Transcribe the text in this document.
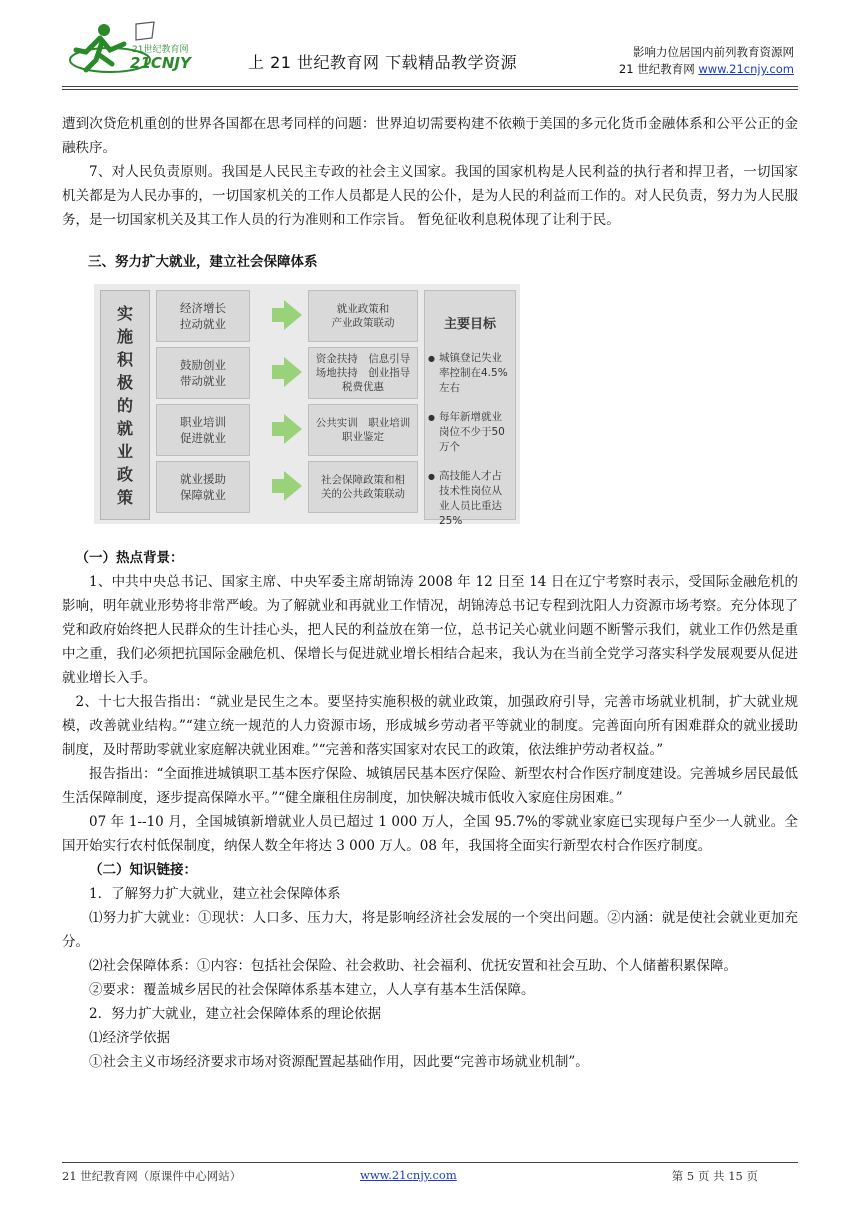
21世纪教育网
21CNJY	上 21 世纪教育网 下载精品教学资源
影响力位居国内前列教育资源网
21 世纪教育网 www.21cnjy.com

遭到次贷危机重创的世界各国都在思考同样的问题：世界迫切需要构建不依赖于美国的多元化货币金融体系和公平公正的金融秩序。

7、对人民负责原则。我国是人民民主专政的社会主义国家。我国的国家机构是人民利益的执行者和捍卫者，一切国家机关都是为人民办事的，一切国家机关的工作人员都是人民的公仆，是为人民的利益而工作的。对人民负责，努力为人民服务，是一切国家机关及其工作人员的行为准则和工作宗旨。 暂免征收利息税体现了让利于民。

三、努力扩大就业，建立社会保障体系

实
施
积
极
的
就
业
政
策
经济增长
拉动就业
就业政策和
产业政策联动
鼓励创业
带动就业
资金扶持　信息引导
场地扶持　创业指导
税费优惠
职业培训
促进就业
公共实训　职业培训
职业鉴定
就业援助
保障就业
社会保障政策和相
关的公共政策联动
主要目标
● 城镇登记失业率控制在4.5%左右
● 每年新增就业岗位不少于50万个
● 高技能人才占技术性岗位从业人员比重达25%

（一）热点背景：

1、中共中央总书记、国家主席、中央军委主席胡锦涛 2008 年 12 日至 14 日在辽宁考察时表示，受国际金融危机的影响，明年就业形势将非常严峻。为了解就业和再就业工作情况，胡锦涛总书记专程到沈阳人力资源市场考察。充分体现了党和政府始终把人民群众的生计挂心头，把人民的利益放在第一位，总书记关心就业问题不断警示我们，就业工作仍然是重中之重，我们必须把抗国际金融危机、保增长与促进就业增长相结合起来，我认为在当前全党学习落实科学发展观要从促进就业增长入手。

2、十七大报告指出：“就业是民生之本。要坚持实施积极的就业政策，加强政府引导，完善市场就业机制，扩大就业规模，改善就业结构。”“建立统一规范的人力资源市场，形成城乡劳动者平等就业的制度。完善面向所有困难群众的就业援助制度，及时帮助零就业家庭解决就业困难。”“完善和落实国家对农民工的政策，依法维护劳动者权益。”

报告指出：“全面推进城镇职工基本医疗保险、城镇居民基本医疗保险、新型农村合作医疗制度建设。完善城乡居民最低生活保障制度，逐步提高保障水平。”“健全廉租住房制度，加快解决城市低收入家庭住房困难。”

07 年 1--10 月，全国城镇新增就业人员已超过 1 000 万人，全国 95.7%的零就业家庭已实现每户至少一人就业。全国开始实行农村低保制度，纳保人数全年将达 3 000 万人。08 年，我国将全面实行新型农村合作医疗制度。

（二）知识链接：

1．了解努力扩大就业，建立社会保障体系

⑴努力扩大就业：①现状：人口多、压力大，将是影响经济社会发展的一个突出问题。②内涵：就是使社会就业更加充分。

⑵社会保障体系：①内容：包括社会保险、社会救助、社会福利、优抚安置和社会互助、个人储蓄积累保障。

②要求：覆盖城乡居民的社会保障体系基本建立，人人享有基本生活保障。

2．努力扩大就业，建立社会保障体系的理论依据

⑴经济学依据

①社会主义市场经济要求市场对资源配置起基础作用，因此要“完善市场就业机制”。

21 世纪教育网（原课件中心网站）	www.21cnjy.com	第 5 页 共 15 页
